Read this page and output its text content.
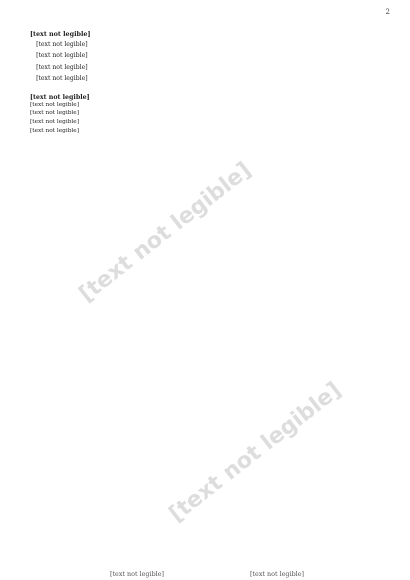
2
[text not legible]
[text not legible]
[text not legible]
[text not legible]
[text not legible]
[text not legible]
[text not legible]
[text not legible]
[text not legible]
[text not legible]
[text not legible]
[text not legible]
[text not legible]	[text not legible]
